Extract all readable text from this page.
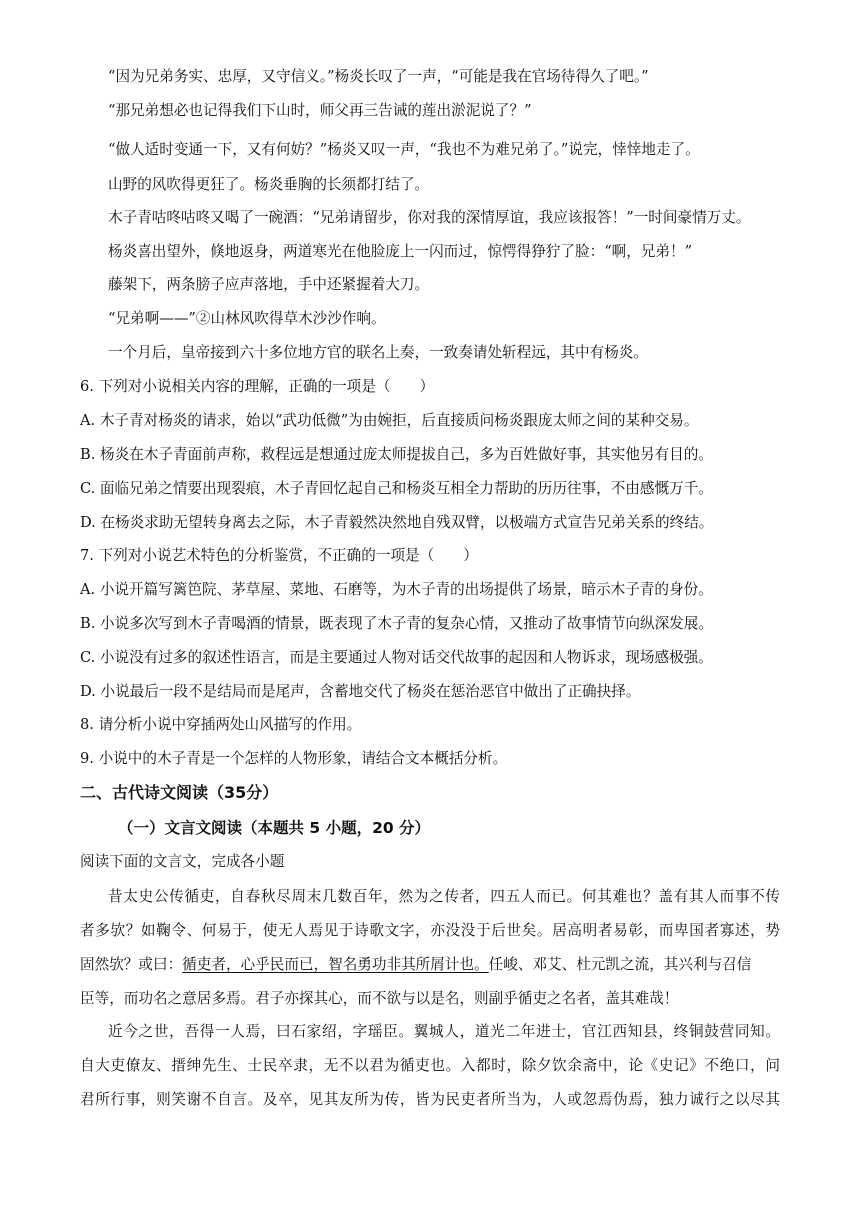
“因为兄弟务实、忠厚，又守信义。”杨炎长叹了一声，“可能是我在官场待得久了吧。”
“那兄弟想必也记得我们下山时，师父再三告诫的莲出淤泥说了？”
“做人适时变通一下，又有何妨？”杨炎又叹一声，“我也不为难兄弟了。”说完，悻悻地走了。
山野的风吹得更狂了。杨炎垂胸的长须都打结了。
木子青咕咚咕咚又喝了一碗酒：“兄弟请留步，你对我的深情厚谊，我应该报答！”一时间豪情万丈。
杨炎喜出望外，倏地返身，两道寒光在他脸庞上一闪而过，惊愕得狰狞了脸：“啊，兄弟！”
藤架下，两条膀子应声落地，手中还紧握着大刀。
“兄弟啊——”②山林风吹得草木沙沙作响。
一个月后，皇帝接到六十多位地方官的联名上奏，一致奏请处斩程远，其中有杨炎。
6. 下列对小说相关内容的理解，正确的一项是（　　）
A. 木子青对杨炎的请求，始以“武功低微”为由婉拒，后直接质问杨炎跟庞太师之间的某种交易。
B. 杨炎在木子青面前声称，救程远是想通过庞太师提拔自己，多为百姓做好事，其实他另有目的。
C. 面临兄弟之情要出现裂痕，木子青回忆起自己和杨炎互相全力帮助的历历往事，不由感慨万千。
D. 在杨炎求助无望转身离去之际，木子青毅然决然地自残双臂，以极端方式宣告兄弟关系的终结。
7. 下列对小说艺术特色的分析鉴赏，不正确的一项是（　　）
A. 小说开篇写篱笆院、茅草屋、菜地、石磨等，为木子青的出场提供了场景，暗示木子青的身份。
B. 小说多次写到木子青喝酒的情景，既表现了木子青的复杂心情，又推动了故事情节向纵深发展。
C. 小说没有过多的叙述性语言，而是主要通过人物对话交代故事的起因和人物诉求，现场感极强。
D. 小说最后一段不是结局而是尾声，含蓄地交代了杨炎在惩治恶官中做出了正确抉择。
8. 请分析小说中穿插两处山风描写的作用。
9. 小说中的木子青是一个怎样的人物形象，请结合文本概括分析。
二、古代诗文阅读（35分）
（一）文言文阅读（本题共 5 小题，20 分）
阅读下面的文言文，完成各小题
昔太史公传循吏，自春秋尽周末几数百年，然为之传者，四五人而已。何其难也？盖有其人而事不传
者多欤？如鞠令、何易于，使无人焉见于诗歌文字，亦没没于后世矣。居高明者易彰，而卑国者寡述，势
固然欤？或曰：循吏者，心乎民而已，智名勇功非其所屑计也。任峻、邓艾、杜元凯之流，其兴利与召信
臣等，而功名之意居多焉。君子亦探其心，而不欲与以是名，则副乎循吏之名者，盖其难哉！
近今之世，吾得一人焉，曰石家绍，字瑶臣。翼城人，道光二年进士，官江西知县，终铜鼓营同知。
自大吏僚友、搢绅先生、士民卒隶，无不以君为循吏也。入都时，除夕饮余斋中，论《史记》不绝口，问
君所行事，则笑谢不自言。及卒，见其友所为传，皆为民吏者所当为，人或忽焉伪焉，独力诚行之以尽其
